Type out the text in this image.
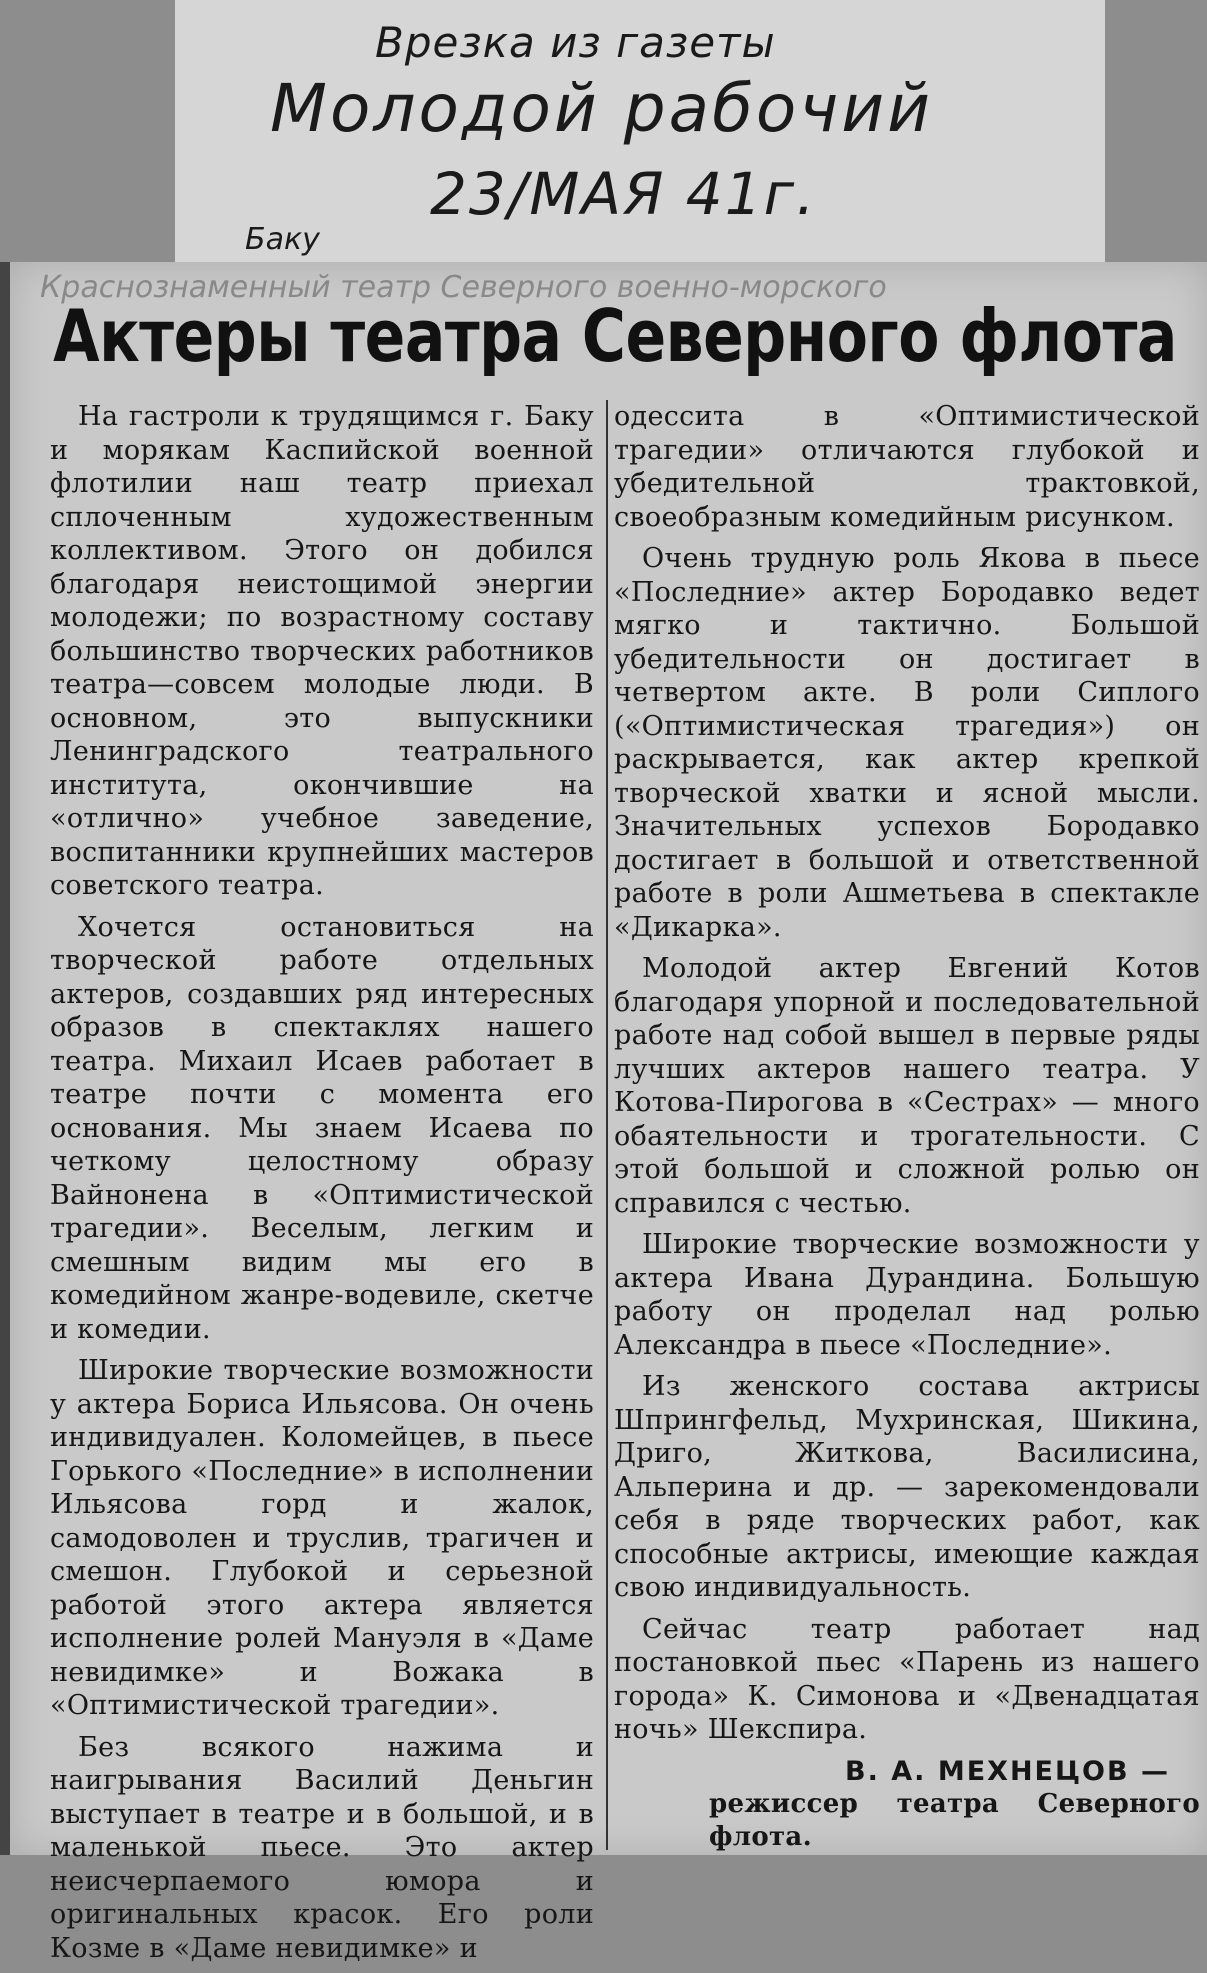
Врезка из газеты
Молодой рабочий
23/МАЯ 41г.
Баку
Краснознаменный театр Северного военно-морского
Актеры театра Северного флота

На гастроли к трудящимся г. Баку и морякам Каспийской военной флотилии наш театр приехал сплоченным художественным коллективом. Этого он добился благодаря неистощимой энергии молодежи; по возрастному составу большинство творческих работников театра—совсем молодые люди. В основном, это выпускники Ленинградского театрального института, окончившие на «отлично» учебное заведение, воспитанники крупнейших мастеров советского театра.

Хочется остановиться на творческой работе отдельных актеров, создавших ряд интересных образов в спектаклях нашего театра. Михаил Исаев работает в театре почти с момента его основания. Мы знаем Исаева по четкому целостному образу Вайнонена в «Оптимистической трагедии». Веселым, легким и смешным видим мы его в комедийном жанре-водевиле, скетче и комедии.

Широкие творческие возможности у актера Бориса Ильясова. Он очень индивидуален. Коломейцев, в пьесе Горького «Последние» в исполнении Ильясова горд и жалок, самодоволен и труслив, трагичен и смешон. Глубокой и серьезной работой этого актера является исполнение ролей Мануэля в «Даме невидимке» и Вожака в «Оптимистической трагедии».

Без всякого нажима и наигрывания Василий Деньгин выступает в театре и в большой, и в маленькой пьесе. Это актер неисчерпаемого юмора и оригинальных красок. Его роли Козме в «Даме невидимке» и

одессита в «Оптимистической трагедии» отличаются глубокой и убедительной трактовкой, своеобразным комедийным рисунком.

Очень трудную роль Якова в пьесе «Последние» актер Бородавко ведет мягко и тактично. Большой убедительности он достигает в четвертом акте. В роли Сиплого («Оптимистическая трагедия») он раскрывается, как актер крепкой творческой хватки и ясной мысли. Значительных успехов Бородавко достигает в большой и ответственной работе в роли Ашметьева в спектакле «Дикарка».

Молодой актер Евгений Котов благодаря упорной и последовательной работе над собой вышел в первые ряды лучших актеров нашего театра. У Котова-Пирогова в «Сестрах» — много обаятельности и трогательности. С этой большой и сложной ролью он справился с честью.

Широкие творческие возможности у актера Ивана Дурандина. Большую работу он проделал над ролью Александра в пьесе «Последние».

Из женского состава актрисы Шпрингфельд, Мухринская, Шикина, Дриго, Житкова, Василисина, Альперина и др. — зарекомендовали себя в ряде творческих работ, как способные актрисы, имеющие каждая свою индивидуальность.

Сейчас театр работает над постановкой пьес «Парень из нашего города» К. Симонова и «Двенадцатая ночь» Шекспира.

В. А. МЕХНЕЦОВ —
режиссер театра Северного флота.
